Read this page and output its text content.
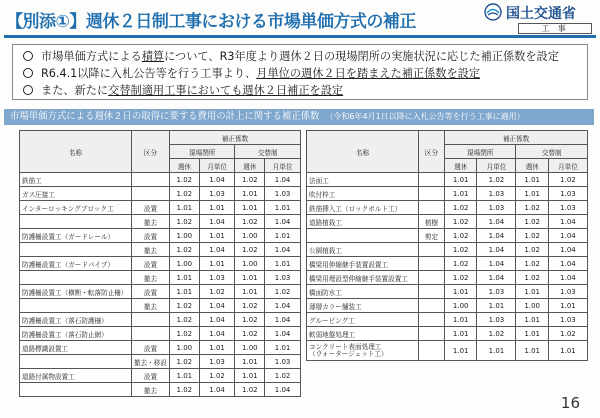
【別添①】週休２日制工事における市場単価方式の補正	国土交通省
工 事
市場単価方式による 積算 について、R3年度より週休２日の現場閉所の実施状況に応じた補正係数を設定
R6.4.1以降に入札公告等を行う工事より、 月単位の週休２日を踏まえた補正係数を設定
また、新たに 交替制適用工事においても週休２日補正を設定
市場単価方式による週休２日の取得に要する費用の計上に関する補正係数 （令和6年4月1日以降に入札公告等を行う工事に適用）
名称	区分	補正係数			
		現場閉所		交替制	
		週休	月単位	週休	月単位
鉄筋工		1.02	1.04	1.02	1.04
ガス圧接工		1.02	1.03	1.01	1.03
インターロッキングブロック工	設置	1.01	1.01	1.01	1.01
	撤去	1.02	1.04	1.02	1.04
防護柵設置工（ガードレール）	設置	1.00	1.01	1.00	1.01
	撤去	1.02	1.04	1.02	1.04
防護柵設置工（ガードパイプ）	設置	1.00	1.01	1.00	1.01
	撤去	1.01	1.03	1.01	1.03
防護柵設置工（横断・転落防止柵）	設置	1.01	1.02	1.01	1.02
	撤去	1.02	1.04	1.02	1.04
防護柵設置工（落石防護柵）		1.02	1.04	1.02	1.04
防護柵設置工（落石防止網）		1.02	1.04	1.02	1.04
道路標識設置工	設置	1.00	1.01	1.00	1.01
	撤去・移設	1.02	1.03	1.01	1.03
道路付属物設置工	設置	1.01	1.02	1.01	1.02
	撤去	1.02	1.04	1.02	1.04
名称	区分	補正係数			
		現場閉所		交替制	
		週休	月単位	週休	月単位
法面工		1.01	1.02	1.01	1.02
吹付枠工		1.01	1.03	1.01	1.03
鉄筋挿入工（ロックボルト工）		1.02	1.03	1.02	1.03
道路植栽工	植樹	1.02	1.04	1.02	1.04
	剪定	1.02	1.04	1.02	1.04
公園植栽工		1.02	1.04	1.02	1.04
橋梁用伸縮継手装置設置工		1.02	1.04	1.02	1.04
橋梁用埋設型伸縮継手装置設置工		1.02	1.04	1.02	1.04
橋面防水工		1.01	1.03	1.01	1.03
薄層カラー舗装工		1.00	1.01	1.00	1.01
グルーピング工		1.01	1.03	1.01	1.03
軟弱地盤処理工		1.01	1.02	1.01	1.02
コンクリート表面処理工
（ウォータージェット工）		1.01	1.01	1.01	1.01
16
